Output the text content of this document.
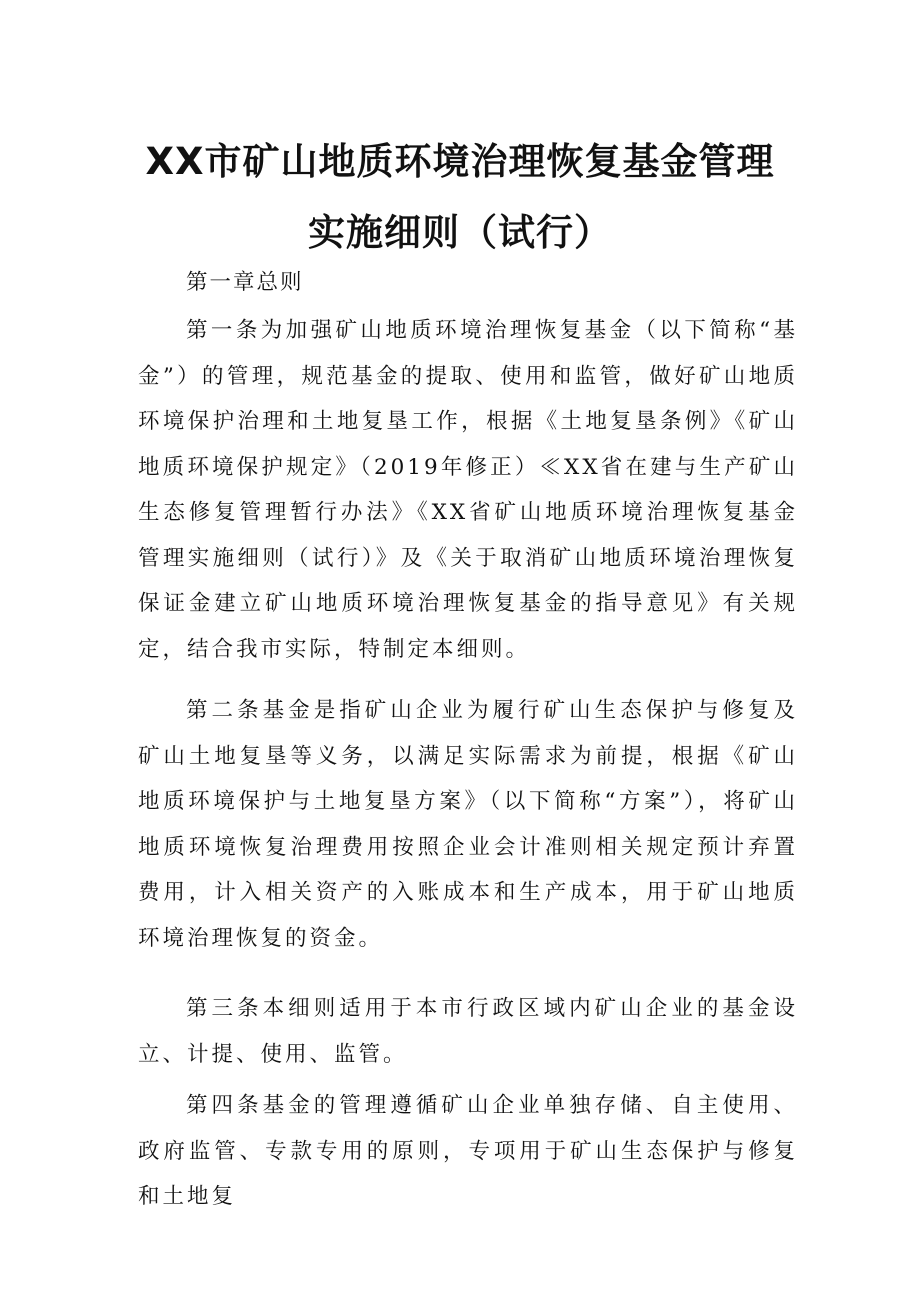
XX市矿山地质环境治理恢复基金管理
实施细则（试行）

第一章总则

第一条为加强矿山地质环境治理恢复基金（以下简称“基金”）的管理，规范基金的提取、使用和监管，做好矿山地质环境保护治理和土地复垦工作，根据《土地复垦条例》《矿山地质环境保护规定》（2019年修正）≪XX省在建与生产矿山生态修复管理暂行办法》《XX省矿山地质环境治理恢复基金管理实施细则（试行）》及《关于取消矿山地质环境治理恢复保证金建立矿山地质环境治理恢复基金的指导意见》有关规定，结合我市实际，特制定本细则。

第二条基金是指矿山企业为履行矿山生态保护与修复及矿山土地复垦等义务，以满足实际需求为前提，根据《矿山地质环境保护与土地复垦方案》（以下简称“方案”），将矿山地质环境恢复治理费用按照企业会计准则相关规定预计弃置费用，计入相关资产的入账成本和生产成本，用于矿山地质环境治理恢复的资金。

第三条本细则适用于本市行政区域内矿山企业的基金设立、计提、使用、监管。

第四条基金的管理遵循矿山企业单独存储、自主使用、政府监管、专款专用的原则，专项用于矿山生态保护与修复和土地复
